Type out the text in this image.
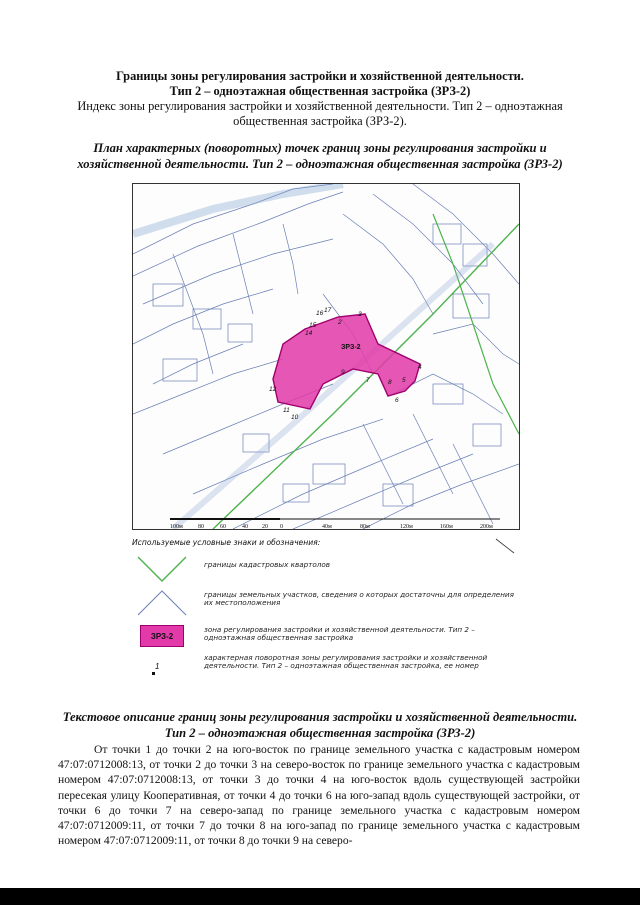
Границы зоны регулирования застройки и хозяйственной деятельности.
Тип 2 – одноэтажная общественная застройка (ЗРЗ-2)
Индекс зоны регулирования застройки и хозяйственной деятельности. Тип 2 – одноэтажная общественная застройка (ЗРЗ-2).
План характерных (поворотных) точек границ зоны регулирования застройки и хозяйственной деятельности. Тип 2 – одноэтажная общественная застройка (ЗРЗ-2)
ЗРЗ-2
16 17
2
3
15
14
4
5
6
8
7
9
10
11
12
100м	80	60	40 20 0	40м	80м	120м	160м	200м
Используемые условные знаки и обозначения:
границы кадастровых квартолов
границы земельных участков, сведения о которых достаточны для определения их местоположения
ЗРЗ-2
зона регулирования застройки и хозяйственной деятельности. Тип 2 – одноэтажная общественная застройка
1
характерная поворотная зоны регулирования застройки и хозяйственной деятельности. Тип 2 – одноэтажная общественная застройка, ее номер
Текстовое описание границ зоны регулирования застройки и хозяйственной деятельности.
Тип 2 – одноэтажная общественная застройка (ЗРЗ-2)
От точки 1 до точки 2 на юго-восток по границе земельного участка с кадастровым номером 47:07:0712008:13, от точки 2 до точки 3 на северо-восток по границе земельного участка с кадастровым номером 47:07:0712008:13, от точки 3 до точки 4 на юго-восток вдоль существующей застройки пересекая улицу Кооперативная, от точки 4 до точки 6 на юго-запад вдоль существующей застройки, от точки 6 до точки 7 на северо-запад по границе земельного участка с кадастровым номером 47:07:0712009:11, от точки 7 до точки 8 на юго-запад по границе земельного участка с кадастровым номером 47:07:0712009:11, от точки 8 до точки 9 на северо-
